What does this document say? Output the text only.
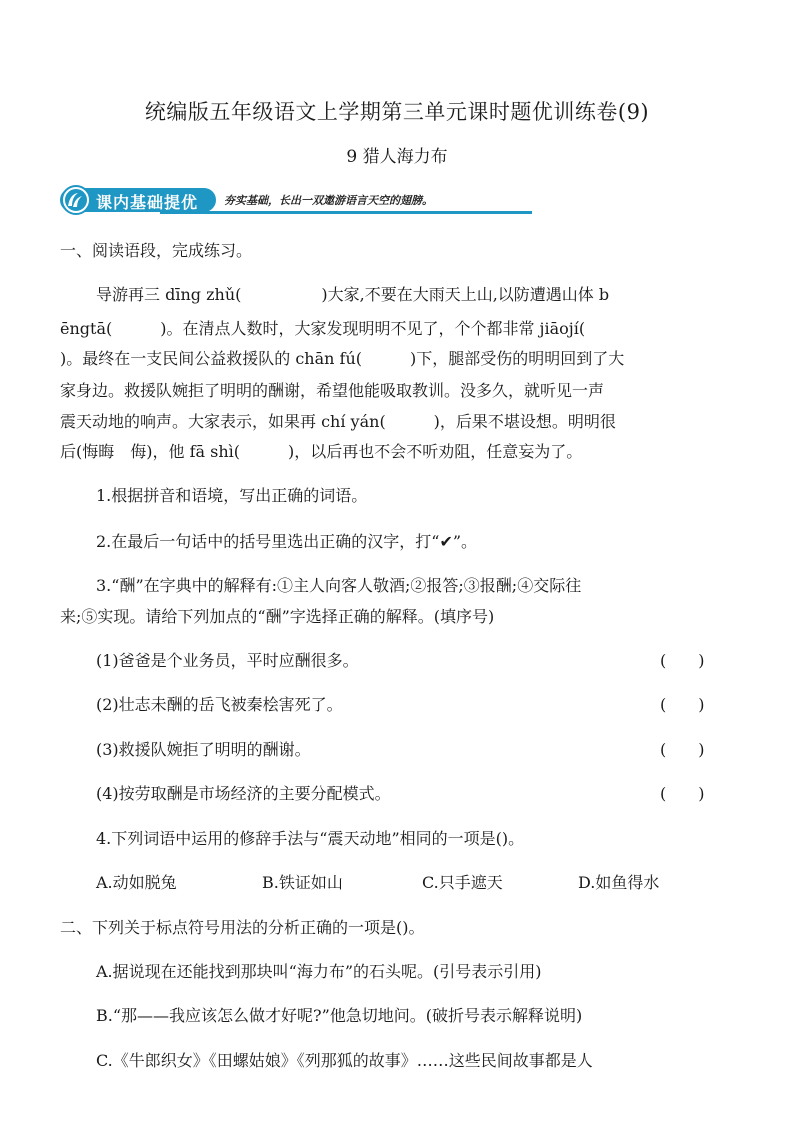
统编版五年级语文上学期第三单元课时题优训练卷(9)
9 猎人海力布
课内基础提优 夯实基础，长出一双遨游语言天空的翅膀。
一、阅读语段，完成练习。
导游再三 dīng zhǔ(　　　　　)大家,不要在大雨天上山,以防遭遇山体 b
ēngtā(　　　)。在清点人数时，大家发现明明不见了，个个都非常 jiāojí(
)。最终在一支民间公益救援队的 chān fú(　　　)下，腿部受伤的明明回到了大
家身边。救援队婉拒了明明的酬谢，希望他能吸取教训。没多久，就听见一声
震天动地的响声。大家表示，如果再 chí yán(　　　)，后果不堪设想。明明很
后(悔晦　侮)，他 fā shì(　　　)，以后再也不会不听劝阻，任意妄为了。
1.根据拼音和语境，写出正确的词语。
2.在最后一句话中的括号里选出正确的汉字，打“✔”。
3.“酬”在字典中的解释有:①主人向客人敬酒;②报答;③报酬;④交际往
来;⑤实现。请给下列加点的“酬”字选择正确的解释。(填序号)
(1)爸爸是个业务员，平时应酬很多。	(　　)
(2)壮志未酬的岳飞被秦桧害死了。	(　　)
(3)救援队婉拒了明明的酬谢。	(　　)
(4)按劳取酬是市场经济的主要分配模式。	(　　)
4.下列词语中运用的修辞手法与“震天动地”相同的一项是()。
A.动如脱兔	B.铁证如山	C.只手遮天	D.如鱼得水
二、下列关于标点符号用法的分析正确的一项是()。
A.据说现在还能找到那块叫“海力布”的石头呢。(引号表示引用)
B.“那——我应该怎么做才好呢?”他急切地问。(破折号表示解释说明)
C.《牛郎织女》《田螺姑娘》《列那狐的故事》……这些民间故事都是人
